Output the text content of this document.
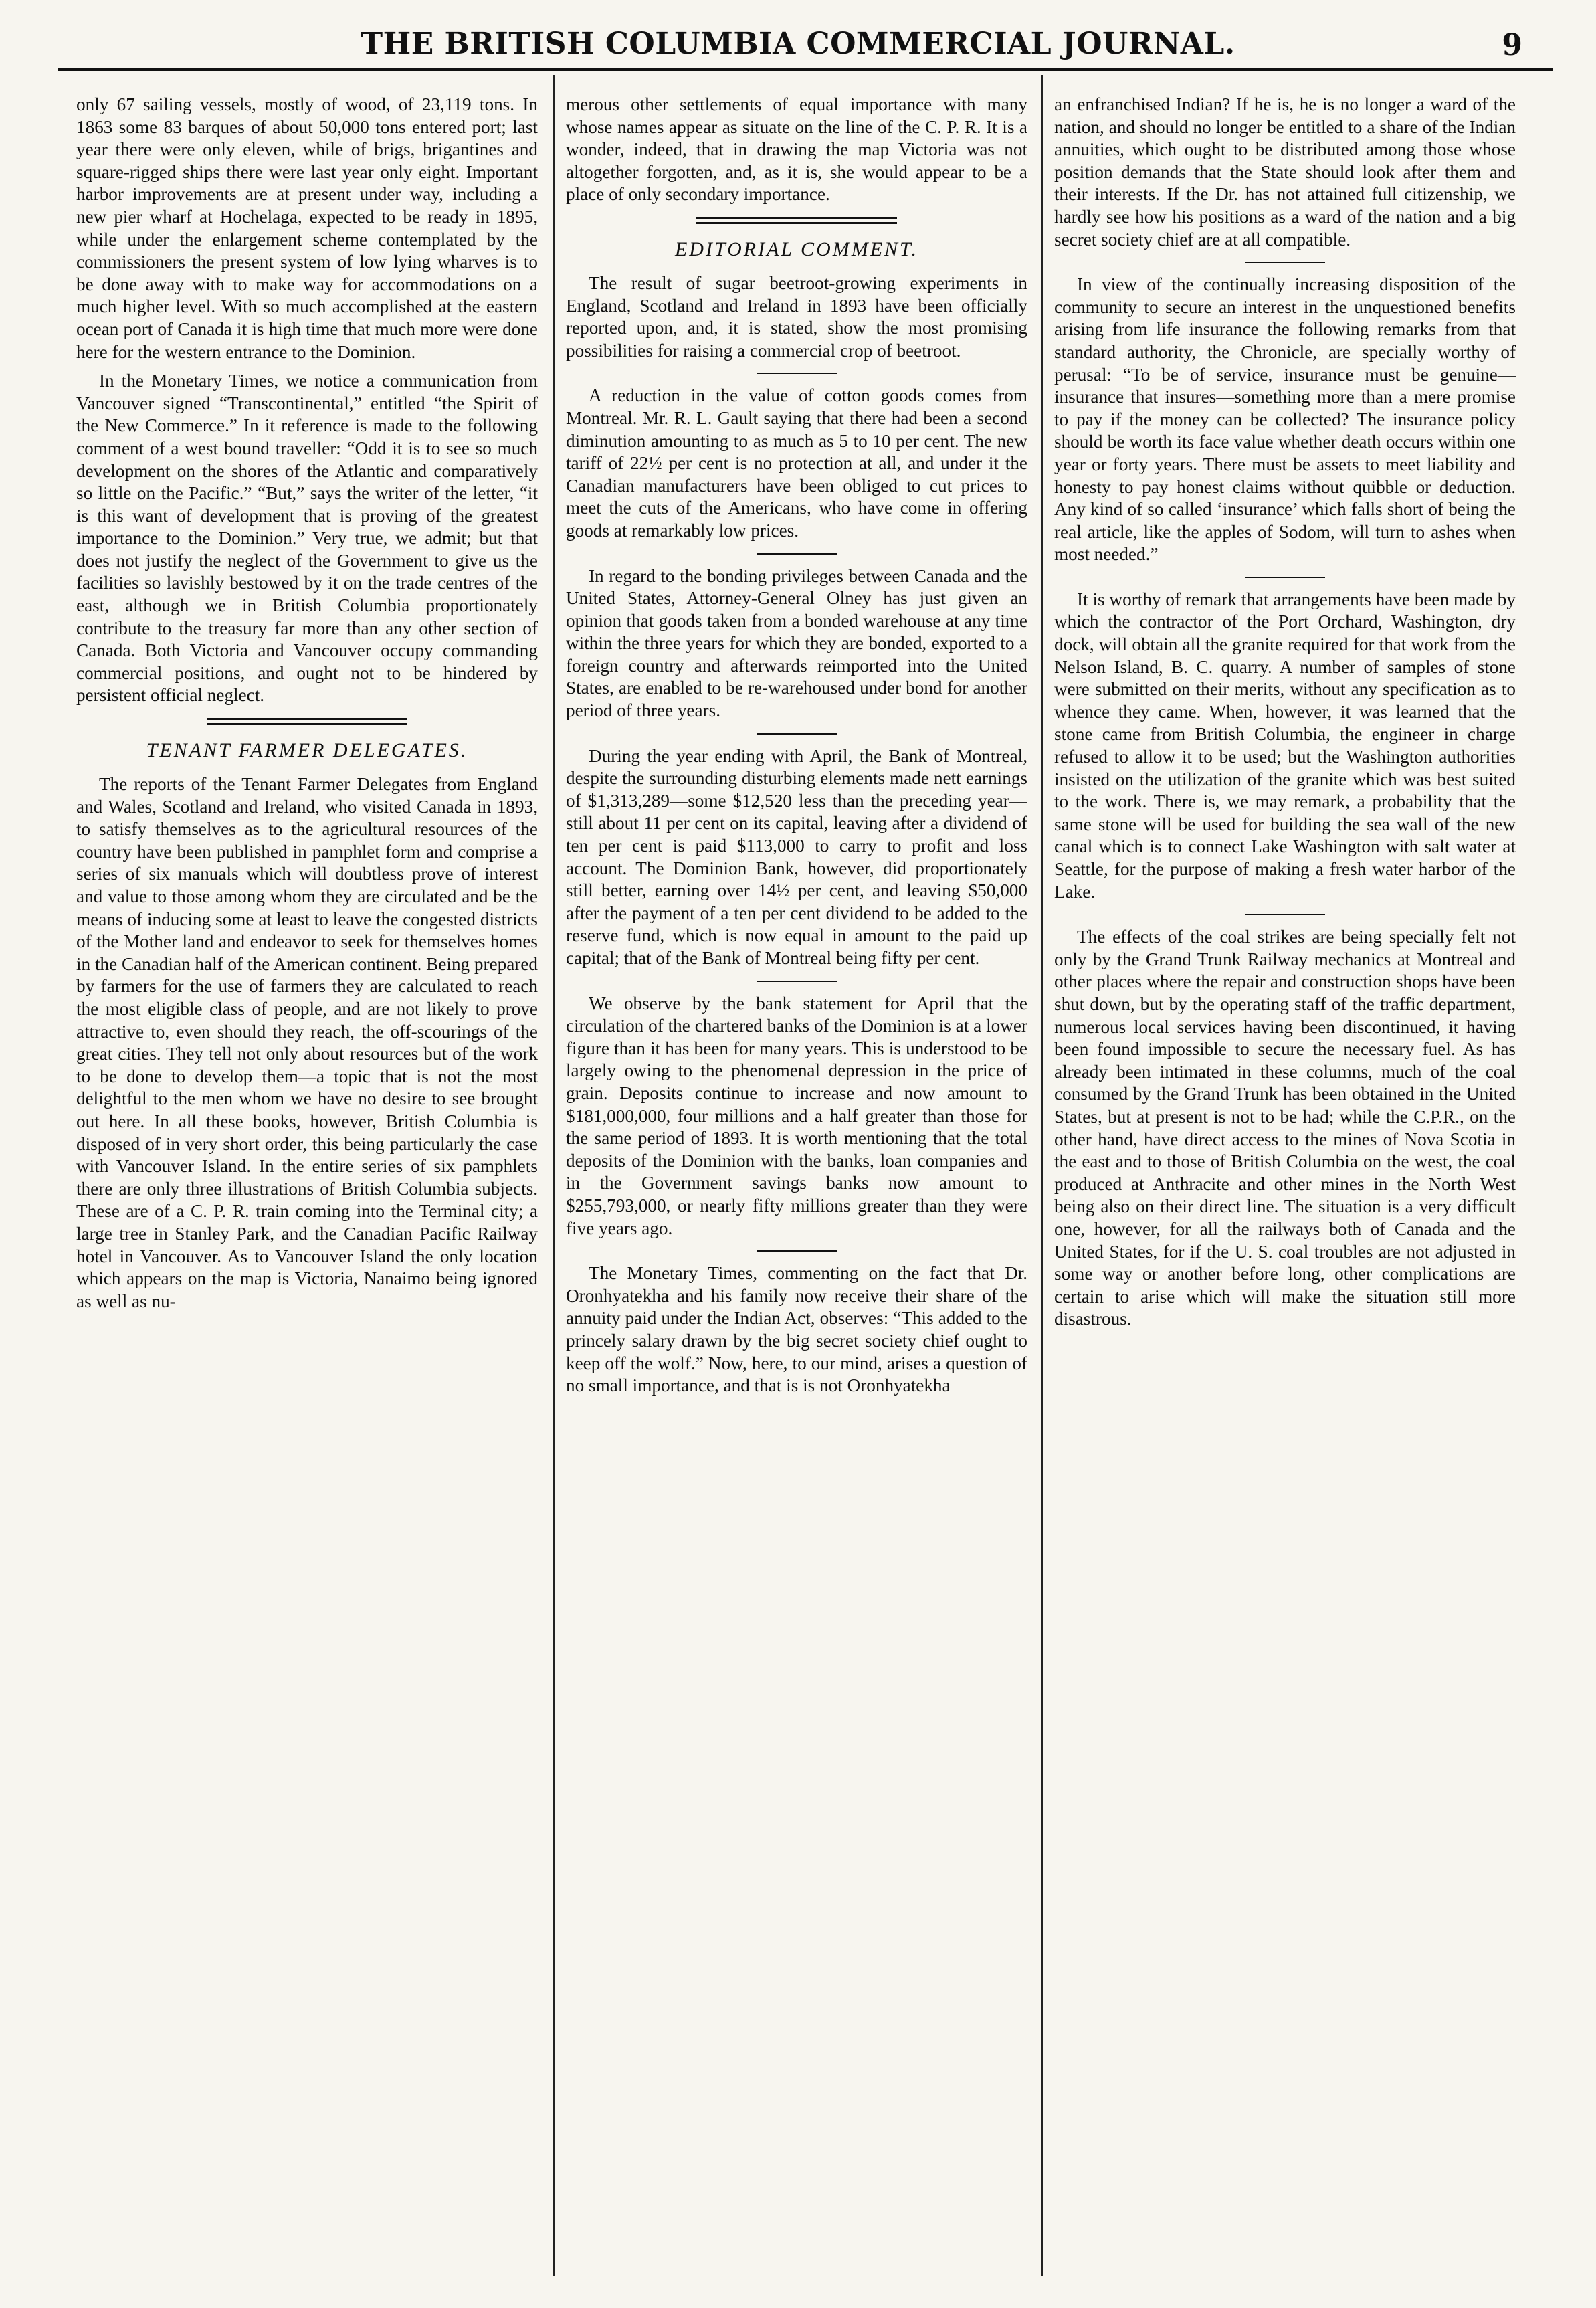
THE BRITISH COLUMBIA COMMERCIAL JOURNAL.	9

only 67 sailing vessels, mostly of wood, of 23,119 tons. In 1863 some 83 barques of about 50,000 tons entered port; last year there were only eleven, while of brigs, brigantines and square-rigged ships there were last year only eight. Important harbor improvements are at present under way, including a new pier wharf at Hochelaga, expected to be ready in 1895, while under the enlargement scheme contemplated by the commissioners the present system of low lying wharves is to be done away with to make way for accommodations on a much higher level. With so much accomplished at the eastern ocean port of Canada it is high time that much more were done here for the western entrance to the Dominion.

In the Monetary Times, we notice a communication from Vancouver signed “Transcontinental,” entitled “the Spirit of the New Commerce.” In it reference is made to the following comment of a west bound traveller: “Odd it is to see so much development on the shores of the Atlantic and comparatively so little on the Pacific.” “But,” says the writer of the letter, “it is this want of development that is proving of the greatest importance to the Dominion.” Very true, we admit; but that does not justify the neglect of the Government to give us the facilities so lavishly bestowed by it on the trade centres of the east, although we in British Columbia proportionately contribute to the treasury far more than any other section of Canada. Both Victoria and Vancouver occupy commanding commercial positions, and ought not to be hindered by persistent official neglect.

TENANT FARMER DELEGATES.

The reports of the Tenant Farmer Delegates from England and Wales, Scotland and Ireland, who visited Canada in 1893, to satisfy themselves as to the agricultural resources of the country have been published in pamphlet form and comprise a series of six manuals which will doubtless prove of interest and value to those among whom they are circulated and be the means of inducing some at least to leave the congested districts of the Mother land and endeavor to seek for themselves homes in the Canadian half of the American continent. Being prepared by farmers for the use of farmers they are calculated to reach the most eligible class of people, and are not likely to prove attractive to, even should they reach, the off-scourings of the great cities. They tell not only about resources but of the work to be done to develop them—a topic that is not the most delightful to the men whom we have no desire to see brought out here. In all these books, however, British Columbia is disposed of in very short order, this being particularly the case with Vancouver Island. In the entire series of six pamphlets there are only three illustrations of British Columbia subjects. These are of a C. P. R. train coming into the Terminal city; a large tree in Stanley Park, and the Canadian Pacific Railway hotel in Vancouver. As to Vancouver Island the only location which appears on the map is Victoria, Nanaimo being ignored as well as nu-

merous other settlements of equal importance with many whose names appear as situate on the line of the C. P. R. It is a wonder, indeed, that in drawing the map Victoria was not altogether forgotten, and, as it is, she would appear to be a place of only secondary importance.

EDITORIAL COMMENT.

The result of sugar beetroot-growing experiments in England, Scotland and Ireland in 1893 have been officially reported upon, and, it is stated, show the most promising possibilities for raising a commercial crop of beetroot.

A reduction in the value of cotton goods comes from Montreal. Mr. R. L. Gault saying that there had been a second diminution amounting to as much as 5 to 10 per cent. The new tariff of 22½ per cent is no protection at all, and under it the Canadian manufacturers have been obliged to cut prices to meet the cuts of the Americans, who have come in offering goods at remarkably low prices.

In regard to the bonding privileges between Canada and the United States, Attorney-General Olney has just given an opinion that goods taken from a bonded warehouse at any time within the three years for which they are bonded, exported to a foreign country and afterwards reimported into the United States, are enabled to be re-warehoused under bond for another period of three years.

During the year ending with April, the Bank of Montreal, despite the surrounding disturbing elements made nett earnings of $1,313,289—some $12,520 less than the preceding year—still about 11 per cent on its capital, leaving after a dividend of ten per cent is paid $113,000 to carry to profit and loss account. The Dominion Bank, however, did proportionately still better, earning over 14½ per cent, and leaving $50,000 after the payment of a ten per cent dividend to be added to the reserve fund, which is now equal in amount to the paid up capital; that of the Bank of Montreal being fifty per cent.

We observe by the bank statement for April that the circulation of the chartered banks of the Dominion is at a lower figure than it has been for many years. This is understood to be largely owing to the phenomenal depression in the price of grain. Deposits continue to increase and now amount to $181,000,000, four millions and a half greater than those for the same period of 1893. It is worth mentioning that the total deposits of the Dominion with the banks, loan companies and in the Government savings banks now amount to $255,793,000, or nearly fifty millions greater than they were five years ago.

The Monetary Times, commenting on the fact that Dr. Oronhyatekha and his family now receive their share of the annuity paid under the Indian Act, observes: “This added to the princely salary drawn by the big secret society chief ought to keep off the wolf.” Now, here, to our mind, arises a question of no small importance, and that is is not Oronhyatekha

an enfranchised Indian? If he is, he is no longer a ward of the nation, and should no longer be entitled to a share of the Indian annuities, which ought to be distributed among those whose position demands that the State should look after them and their interests. If the Dr. has not attained full citizenship, we hardly see how his positions as a ward of the nation and a big secret society chief are at all compatible.

In view of the continually increasing disposition of the community to secure an interest in the unquestioned benefits arising from life insurance the following remarks from that standard authority, the Chronicle, are specially worthy of perusal: “To be of service, insurance must be genuine—insurance that insures—something more than a mere promise to pay if the money can be collected? The insurance policy should be worth its face value whether death occurs within one year or forty years. There must be assets to meet liability and honesty to pay honest claims without quibble or deduction. Any kind of so called ‘insurance’ which falls short of being the real article, like the apples of Sodom, will turn to ashes when most needed.”

It is worthy of remark that arrangements have been made by which the contractor of the Port Orchard, Washington, dry dock, will obtain all the granite required for that work from the Nelson Island, B. C. quarry. A number of samples of stone were submitted on their merits, without any specification as to whence they came. When, however, it was learned that the stone came from British Columbia, the engineer in charge refused to allow it to be used; but the Washington authorities insisted on the utilization of the granite which was best suited to the work. There is, we may remark, a probability that the same stone will be used for building the sea wall of the new canal which is to connect Lake Washington with salt water at Seattle, for the purpose of making a fresh water harbor of the Lake.

The effects of the coal strikes are being specially felt not only by the Grand Trunk Railway mechanics at Montreal and other places where the repair and construction shops have been shut down, but by the operating staff of the traffic department, numerous local services having been discontinued, it having been found impossible to secure the necessary fuel. As has already been intimated in these columns, much of the coal consumed by the Grand Trunk has been obtained in the United States, but at present is not to be had; while the C.P.R., on the other hand, have direct access to the mines of Nova Scotia in the east and to those of British Columbia on the west, the coal produced at Anthracite and other mines in the North West being also on their direct line. The situation is a very difficult one, however, for all the railways both of Canada and the United States, for if the U. S. coal troubles are not adjusted in some way or another before long, other complications are certain to arise which will make the situation still more disastrous.
